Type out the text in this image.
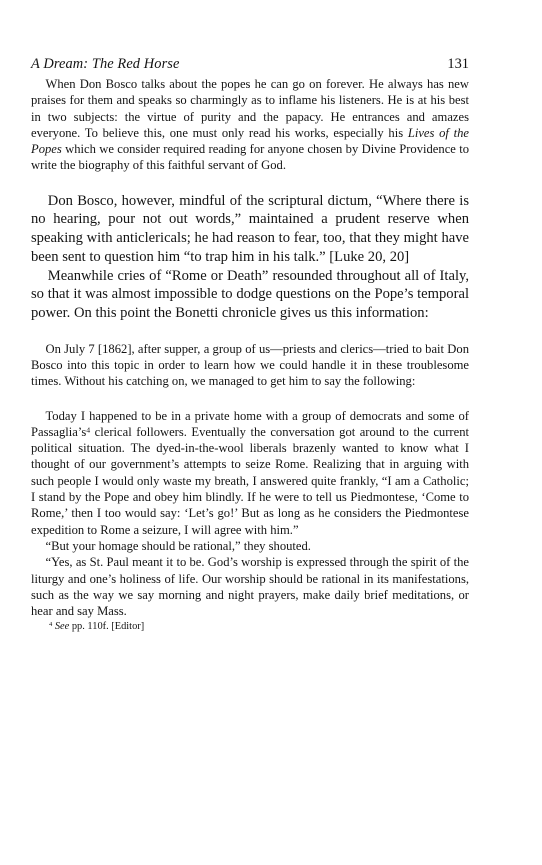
A Dream: The Red Horse	131

When Don Bosco talks about the popes he can go on forever. He always has new praises for them and speaks so charmingly as to inflame his listeners. He is at his best in two subjects: the virtue of purity and the papacy. He entrances and amazes everyone. To believe this, one must only read his works, especially his Lives of the Popes which we consider required reading for anyone chosen by Divine Providence to write the biography of this faithful servant of God.

Don Bosco, however, mindful of the scriptural dictum, “Where there is no hearing, pour not out words,” maintained a prudent reserve when speaking with anticlericals; he had reason to fear, too, that they might have been sent to question him “to trap him in his talk.” [Luke 20, 20]

Meanwhile cries of “Rome or Death” resounded throughout all of Italy, so that it was almost impossible to dodge questions on the Pope’s temporal power. On this point the Bonetti chronicle gives us this information:

On July 7 [1862], after supper, a group of us—priests and clerics—tried to bait Don Bosco into this topic in order to learn how we could handle it in these troublesome times. Without his catching on, we managed to get him to say the following:

Today I happened to be in a private home with a group of democrats and some of $Passaglia’s^4$ clerical followers. Eventually the conversation got around to the current political situation. The dyed-in-the-wool liberals brazenly wanted to know what I thought of our government’s attempts to seize Rome. Realizing that in arguing with such people I would only waste my breath, I answered quite frankly, “I am a Catholic; I stand by the Pope and obey him blindly. If he were to tell us Piedmontese, ‘Come to Rome,’ then I too would say: ‘Let’s go!’ But as long as he considers the Piedmontese expedition to Rome a seizure, I will agree with him.”

“But your homage should be rational,” they shouted.

“Yes, as St. Paul meant it to be. God’s worship is expressed through the spirit of the liturgy and one’s holiness of life. Our worship should be rational in its manifestations, such as the way we say morning and night prayers, make daily brief meditations, or hear and say Mass.

$^4$ See pp. 110f. [Editor]
